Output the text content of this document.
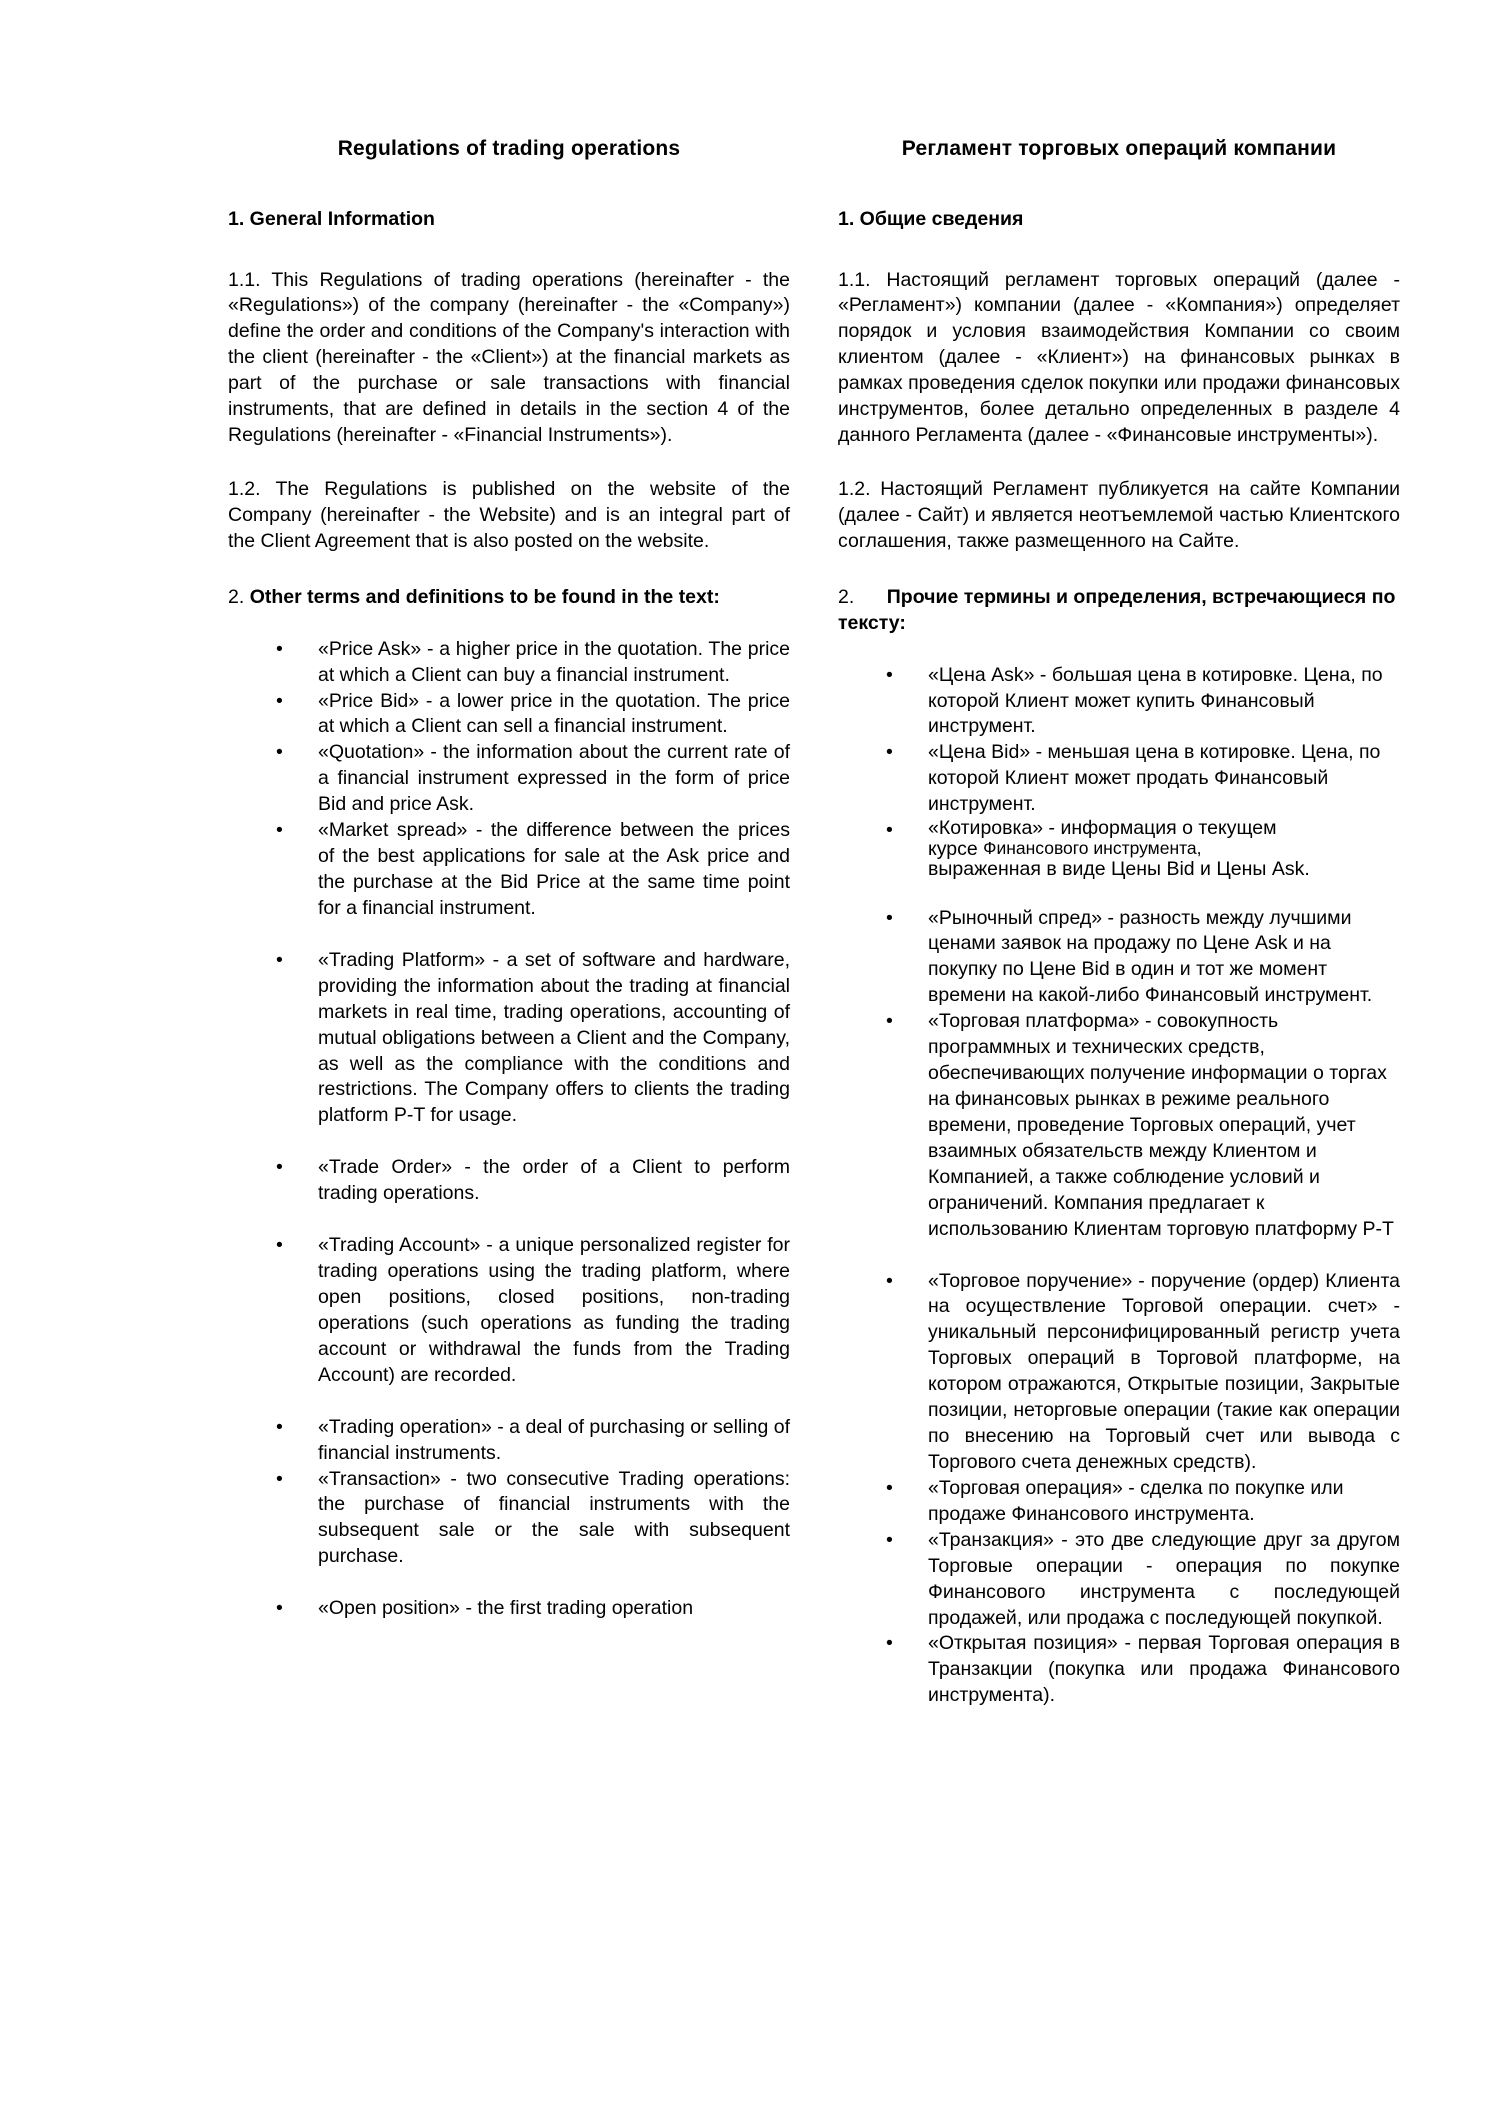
Regulations of trading operations
1. General Information

1.1. This Regulations of trading operations (hereinafter - the «Regulations») of the company (hereinafter - the «Company») define the order and conditions of the Company's interaction with the client (hereinafter - the «Client») at the financial markets as part of the purchase or sale transactions with financial instruments, that are defined in details in the section 4 of the Regulations (hereinafter - «Financial Instruments»).

1.2. The Regulations is published on the website of the Company (hereinafter - the Website) and is an integral part of the Client Agreement that is also posted on the website.

2. Other terms and definitions to be found in the text:

• «Price Ask» - a higher price in the quotation. The price at which a Client can buy a financial instrument.
• «Price Bid» - a lower price in the quotation. The price at which a Client can sell a financial instrument.
• «Quotation» - the information about the current rate of a financial instrument expressed in the form of price Bid and price Ask.
• «Market spread» - the difference between the prices of the best applications for sale at the Ask price and the purchase at the Bid Price at the same time point for a financial instrument.
• «Trading Platform» - a set of software and hardware, providing the information about the trading at financial markets in real time, trading operations, accounting of mutual obligations between a Client and the Company, as well as the compliance with the conditions and restrictions. The Company offers to clients the trading platform P-T for usage.
• «Trade Order» - the order of a Client to perform trading operations.
• «Trading Account» - a unique personalized register for trading operations using the trading platform, where open positions, closed positions, non-trading operations (such operations as funding the trading account or withdrawal the funds from the Trading Account) are recorded.
• «Trading operation» - a deal of purchasing or selling of financial instruments.
• «Transaction» - two consecutive Trading operations: the purchase of financial instruments with the subsequent sale or the sale with subsequent purchase.
• «Open position» - the first trading operation
Регламент торговых операций компании
1. Общие сведения

1.1. Настоящий регламент торговых операций (далее - «Регламент») компании (далее - «Компания») определяет порядок и условия взаимодействия Компании со своим клиентом (далее - «Клиент») на финансовых рынках в рамках проведения сделок покупки или продажи финансовых инструментов, более детально определенных в разделе 4 данного Регламента (далее - «Финансовые инструменты»).

1.2. Настоящий Регламент публикуется на сайте Компании (далее - Сайт) и является неотъемлемой частью Клиентского соглашения, также размещенного на Сайте.

2.      Прочие термины и определения, встречающиеся по тексту:

• «Цена Ask» - большая цена в котировке. Цена, по которой Клиент может купить Финансовый инструмент.
• «Цена Bid» - меньшая цена в котировке. Цена, по которой Клиент может продать Финансовый инструмент.
• «Котировка» - информация о текущем
курсе Финансового инструмента,
выраженная в виде Цены Bid и Цены Ask.
• «Рыночный спред» - разность между лучшими ценами заявок на продажу по Цене Ask и на покупку по Цене Bid в один и тот же момент времени на какой-либо Финансовый инструмент.
• «Торговая платформа» - совокупность программных и технических средств, обеспечивающих получение информации о торгах на финансовых рынках в режиме реального времени, проведение Торговых операций, учет взаимных обязательств между Клиентом и Компанией, а также соблюдение условий и ограничений. Компания предлагает к использованию Клиентам торговую платформу P-T
• «Торговое поручение» - поручение (ордер) Клиента на осуществление Торговой операции. счет» - уникальный персонифицированный регистр учета Торговых операций в Торговой платформе, на котором отражаются, Открытые позиции, Закрытые позиции, неторговые операции (такие как операции по внесению на Торговый счет или вывода с Торгового счета денежных средств).
• «Торговая операция» - сделка по покупке или продаже Финансового инструмента.
• «Транзакция» - это две следующие друг за другом Торговые операции - операция по покупке Финансового инструмента с последующей продажей, или продажа с последующей покупкой.
• «Открытая позиция» - первая Торговая операция в Транзакции (покупка или продажа Финансового инструмента).
